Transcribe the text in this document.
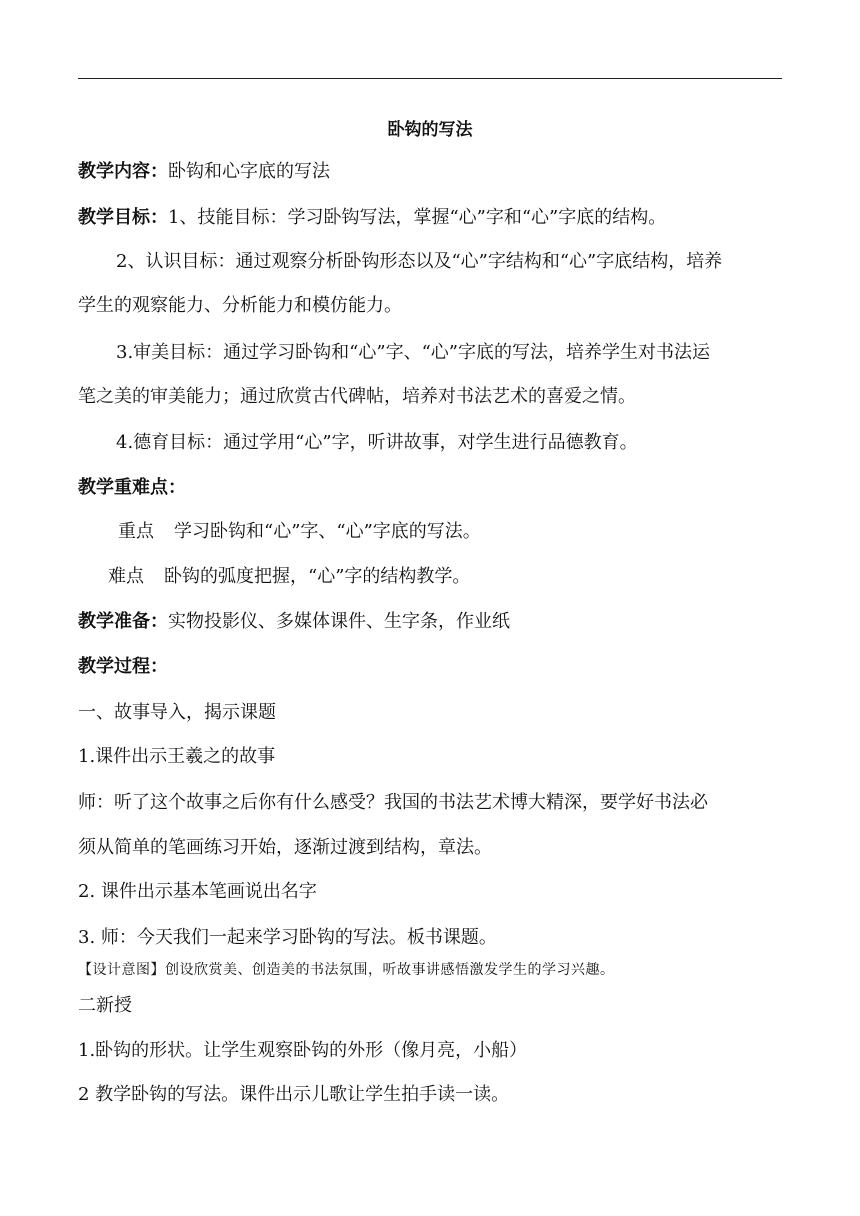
卧钩的写法
教学内容：卧钩和心字底的写法
教学目标：1、技能目标：学习卧钩写法，掌握“心”字和“心”字底的结构。
2、认识目标：通过观察分析卧钩形态以及“心”字结构和“心”字底结构，培养
学生的观察能力、分析能力和模仿能力。
3.审美目标：通过学习卧钩和“心”字、“心”字底的写法，培养学生对书法运
笔之美的审美能力；通过欣赏古代碑帖，培养对书法艺术的喜爱之情。
4.德育目标：通过学用“心”字，听讲故事，对学生进行品德教育。
教学重难点：
重点 学习卧钩和“心”字、“心”字底的写法。
难点 卧钩的弧度把握，“心”字的结构教学。
教学准备：实物投影仪、多媒体课件、生字条，作业纸
教学过程：
一、故事导入，揭示课题
1.课件出示王羲之的故事
师：听了这个故事之后你有什么感受？我国的书法艺术博大精深，要学好书法必
须从简单的笔画练习开始，逐渐过渡到结构，章法。
2. 课件出示基本笔画说出名字
3. 师：今天我们一起来学习卧钩的写法。板书课题。
【设计意图】创设欣赏美、创造美的书法氛围，听故事讲感悟激发学生的学习兴趣。
二新授
1.卧钩的形状。让学生观察卧钩的外形（像月亮，小船）
2 教学卧钩的写法。课件出示儿歌让学生拍手读一读。
